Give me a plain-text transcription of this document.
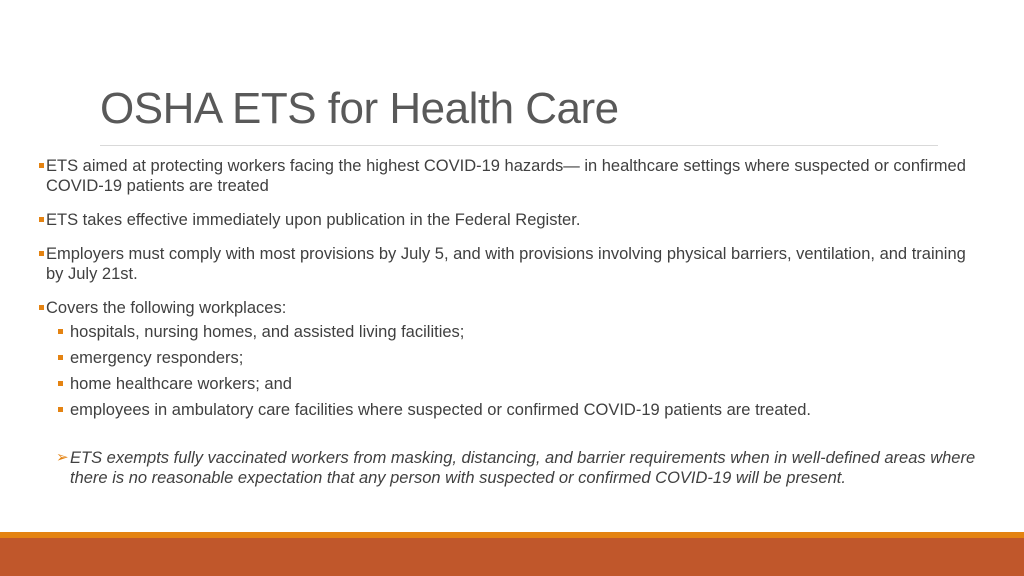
OSHA ETS for Health Care
ETS aimed at protecting workers facing the highest COVID-19 hazards— in healthcare settings where suspected or confirmed COVID-19 patients are treated
ETS takes effective immediately upon publication in the Federal Register.
Employers must comply with most provisions by July 5, and with provisions involving physical barriers, ventilation, and training by July 21st.
Covers the following workplaces:
hospitals, nursing homes, and assisted living facilities;
emergency responders;
home healthcare workers; and
employees in ambulatory care facilities where suspected or confirmed COVID-19 patients are treated.
➢ ETS exempts fully vaccinated workers from masking, distancing, and barrier requirements when in well-defined areas where there is no reasonable expectation that any person with suspected or confirmed COVID-19 will be present.
